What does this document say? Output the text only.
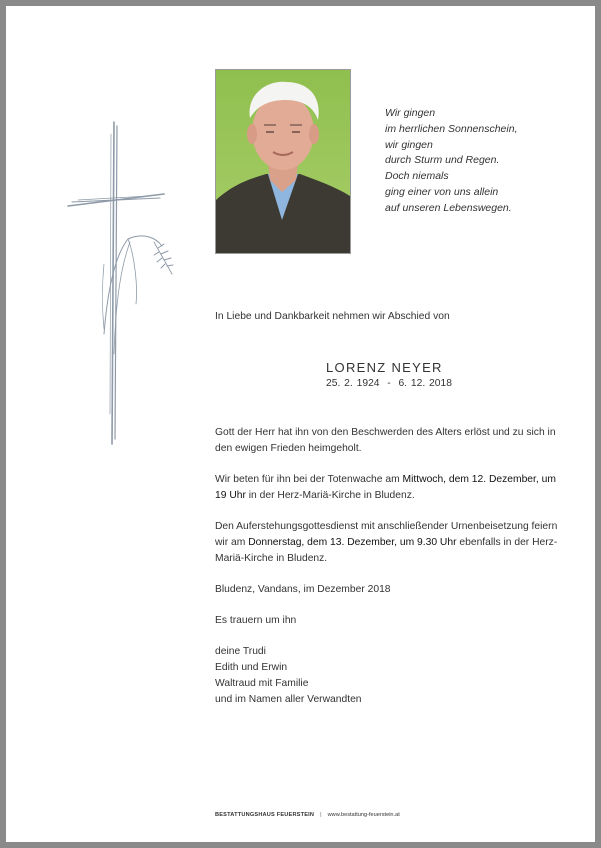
Wir gingen
im herrlichen Sonnenschein,
wir gingen
durch Sturm und Regen.
Doch niemals
ging einer von uns allein
auf unseren Lebenswegen.
In Liebe und Dankbarkeit nehmen wir Abschied von
LORENZ NEYER
25. 2. 1924 - 6. 12. 2018

Gott der Herr hat ihn von den Beschwerden des Alters erlöst und zu sich in den ewigen Frieden heimgeholt.

Wir beten für ihn bei der Totenwache am Mittwoch, dem 12. Dezember, um 19 Uhr in der Herz-Mariä-Kirche in Bludenz.

Den Auferstehungsgottesdienst mit anschließender Urnenbeisetzung feiern wir am Donnerstag, dem 13. Dezember, um 9.30 Uhr ebenfalls in der Herz-Mariä-Kirche in Bludenz.

Bludenz, Vandans, im Dezember 2018

Es trauern um ihn

deine Trudi
Edith und Erwin
Waltraud mit Familie
und im Namen aller Verwandten
BESTATTUNGSHAUS FEUERSTEIN | www.bestattung-feuerstein.at
